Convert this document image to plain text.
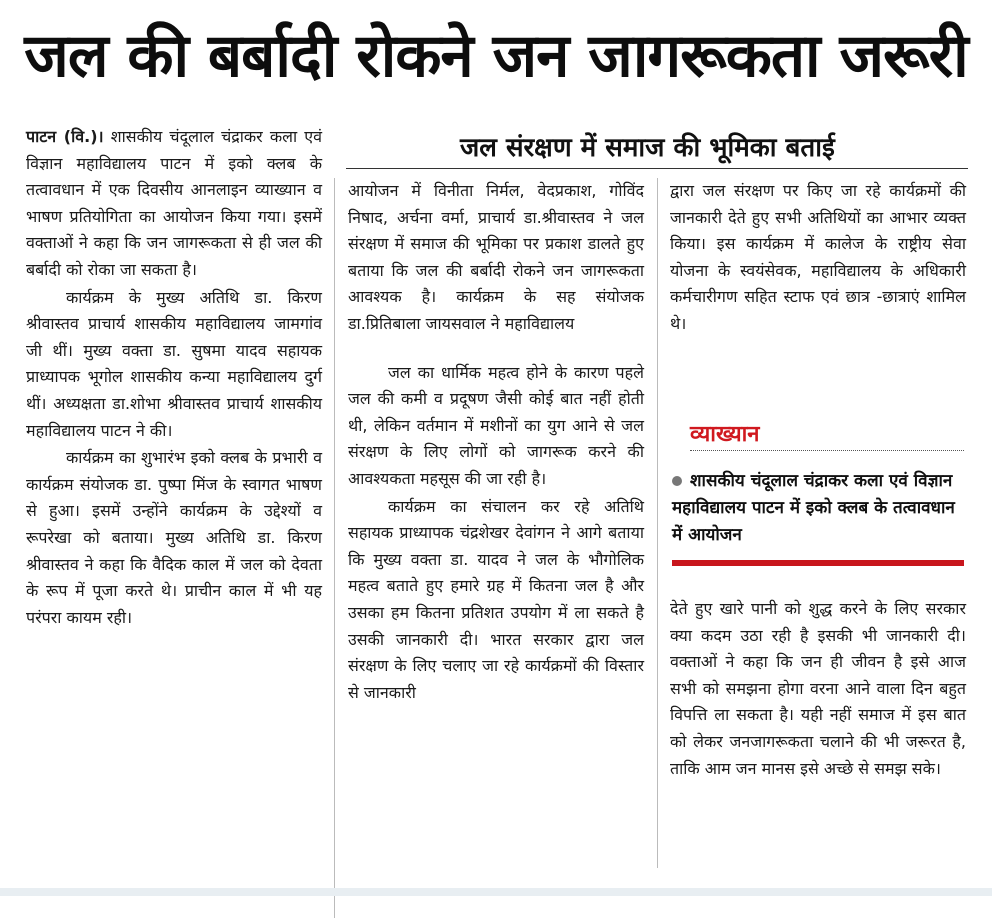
जल की बर्बादी रोकने जन जागरूकता जरूरी

पाटन (वि.)। शासकीय चंदूलाल चंद्राकर कला एवं विज्ञान महाविद्यालय पाटन में इको क्लब के तत्वावधान में एक दिवसीय आनलाइन व्याख्यान व भाषण प्रतियोगिता का आयोजन किया गया। इसमें वक्ताओं ने कहा कि जन जागरूकता से ही जल की बर्बादी को रोका जा सकता है।

कार्यक्रम के मुख्य अतिथि डा. किरण श्रीवास्तव प्राचार्य शासकीय महाविद्यालय जामगांव जी थीं। मुख्य वक्ता डा. सुषमा यादव सहायक प्राध्यापक भूगोल शासकीय कन्या महाविद्यालय दुर्ग थीं। अध्यक्षता डा.शोभा श्रीवास्तव प्राचार्य शासकीय महाविद्यालय पाटन ने की।

कार्यक्रम का शुभारंभ इको क्लब के प्रभारी व कार्यक्रम संयोजक डा. पुष्पा मिंज के स्वागत भाषण से हुआ। इसमें उन्होंने कार्यक्रम के उद्देश्यों व रूपरेखा को बताया। मुख्य अतिथि डा. किरण श्रीवास्तव ने कहा कि वैदिक काल में जल को देवता के रूप में पूजा करते थे। प्राचीन काल में भी यह परंपरा कायम रही।

जल संरक्षण में समाज की भूमिका बताई

आयोजन में विनीता निर्मल, वेदप्रकाश, गोविंद निषाद, अर्चना वर्मा, प्राचार्य डा.श्रीवास्तव ने जल संरक्षण में समाज की भूमिका पर प्रकाश डालते हुए बताया कि जल की बर्बादी रोकने जन जागरूकता आवश्यक है। कार्यक्रम के सह संयोजक डा.प्रितिबाला जायसवाल ने महाविद्यालय

जल का धार्मिक महत्व होने के कारण पहले जल की कमी व प्रदूषण जैसी कोई बात नहीं होती थी, लेकिन वर्तमान में मशीनों का युग आने से जल संरक्षण के लिए लोगों को जागरूक करने की आवश्यकता महसूस की जा रही है।

कार्यक्रम का संचालन कर रहे अतिथि सहायक प्राध्यापक चंद्रशेखर देवांगन ने आगे बताया कि मुख्य वक्ता डा. यादव ने जल के भौगोलिक महत्व बताते हुए हमारे ग्रह में कितना जल है और उसका हम कितना प्रतिशत उपयोग में ला सकते है उसकी जानकारी दी। भारत सरकार द्वारा जल संरक्षण के लिए चलाए जा रहे कार्यक्रमों की विस्तार से जानकारी

द्वारा जल संरक्षण पर किए जा रहे कार्यक्रमों की जानकारी देते हुए सभी अतिथियों का आभार व्यक्त किया। इस कार्यक्रम में कालेज के राष्ट्रीय सेवा योजना के स्वयंसेवक, महाविद्यालय के अधिकारी कर्मचारीगण सहित स्टाफ एवं छात्र -छात्राएं शामिल थे।

व्याख्यान
शासकीय चंदूलाल चंद्राकर कला एवं विज्ञान महाविद्यालय पाटन में इको क्लब के तत्वावधान में आयोजन

देते हुए खारे पानी को शुद्ध करने के लिए सरकार क्या कदम उठा रही है इसकी भी जानकारी दी। वक्ताओं ने कहा कि जन ही जीवन है इसे आज सभी को समझना होगा वरना आने वाला दिन बहुत विपत्ति ला सकता है। यही नहीं समाज में इस बात को लेकर जनजागरूकता चलाने की भी जरूरत है, ताकि आम जन मानस इसे अच्छे से समझ सके।
